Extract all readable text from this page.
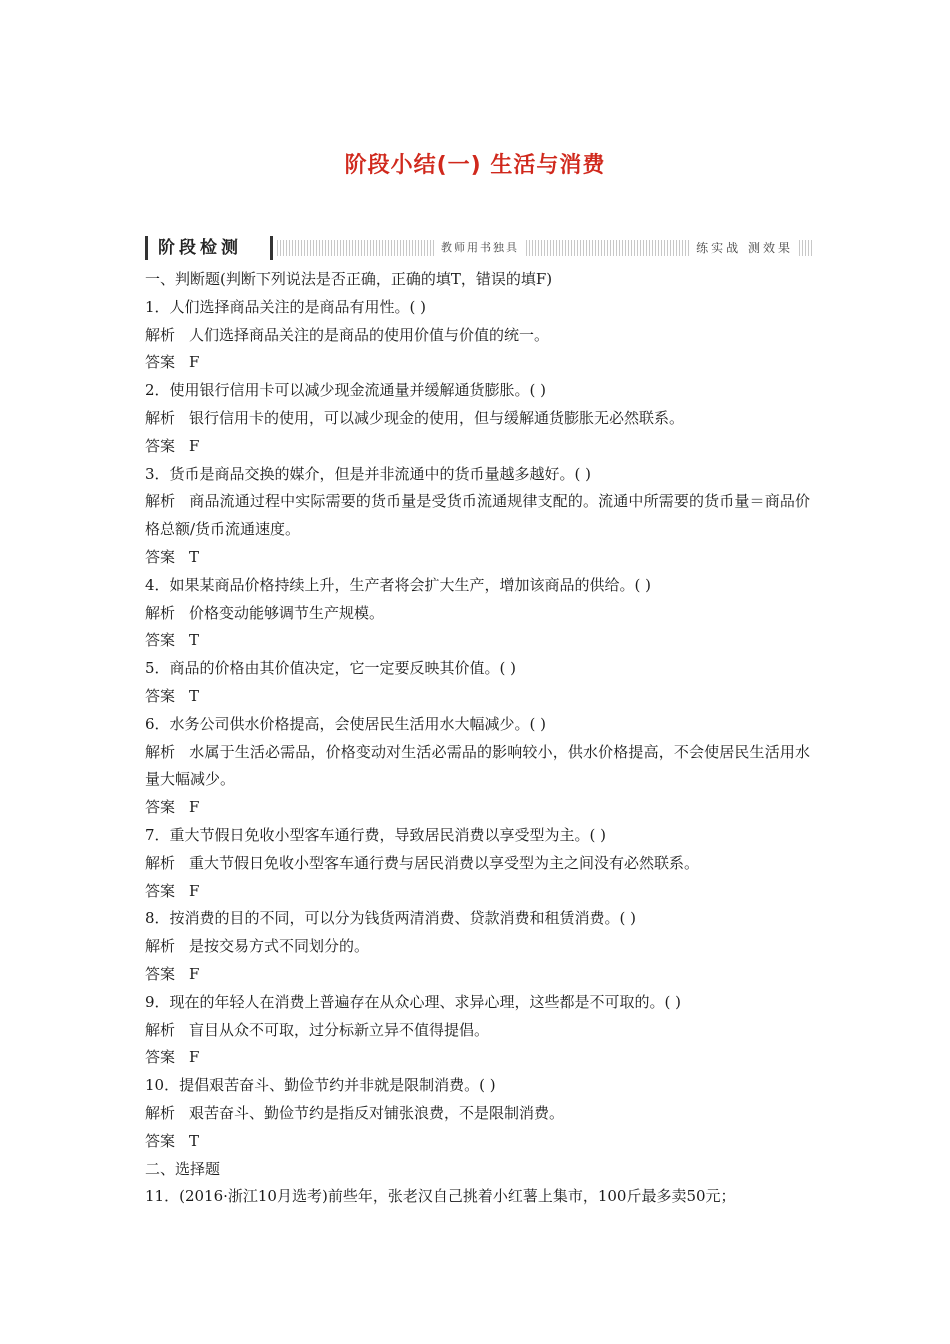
阶段小结(一) 生活与消费
阶段检测	教师用书独具	练实战 测效果
一、判断题(判断下列说法是否正确，正确的填T，错误的填F)
1．人们选择商品关注的是商品有用性。( )
解析 人们选择商品关注的是商品的使用价值与价值的统一。
答案 F
2．使用银行信用卡可以减少现金流通量并缓解通货膨胀。( )
解析 银行信用卡的使用，可以减少现金的使用，但与缓解通货膨胀无必然联系。
答案 F
3．货币是商品交换的媒介，但是并非流通中的货币量越多越好。( )
解析 商品流通过程中实际需要的货币量是受货币流通规律支配的。流通中所需要的货币量＝商品价格总额/货币流通速度。
答案 T
4．如果某商品价格持续上升，生产者将会扩大生产，增加该商品的供给。( )
解析 价格变动能够调节生产规模。
答案 T
5．商品的价格由其价值决定，它一定要反映其价值。( )
答案 T
6．水务公司供水价格提高，会使居民生活用水大幅减少。( )
解析 水属于生活必需品，价格变动对生活必需品的影响较小，供水价格提高，不会使居民生活用水量大幅减少。
答案 F
7．重大节假日免收小型客车通行费，导致居民消费以享受型为主。( )
解析 重大节假日免收小型客车通行费与居民消费以享受型为主之间没有必然联系。
答案 F
8．按消费的目的不同，可以分为钱货两清消费、贷款消费和租赁消费。( )
解析 是按交易方式不同划分的。
答案 F
9．现在的年轻人在消费上普遍存在从众心理、求异心理，这些都是不可取的。( )
解析 盲目从众不可取，过分标新立异不值得提倡。
答案 F
10．提倡艰苦奋斗、勤俭节约并非就是限制消费。( )
解析 艰苦奋斗、勤俭节约是指反对铺张浪费，不是限制消费。
答案 T
二、选择题
11．(2016·浙江10月选考)前些年，张老汉自己挑着小红薯上集市，100斤最多卖50元；
